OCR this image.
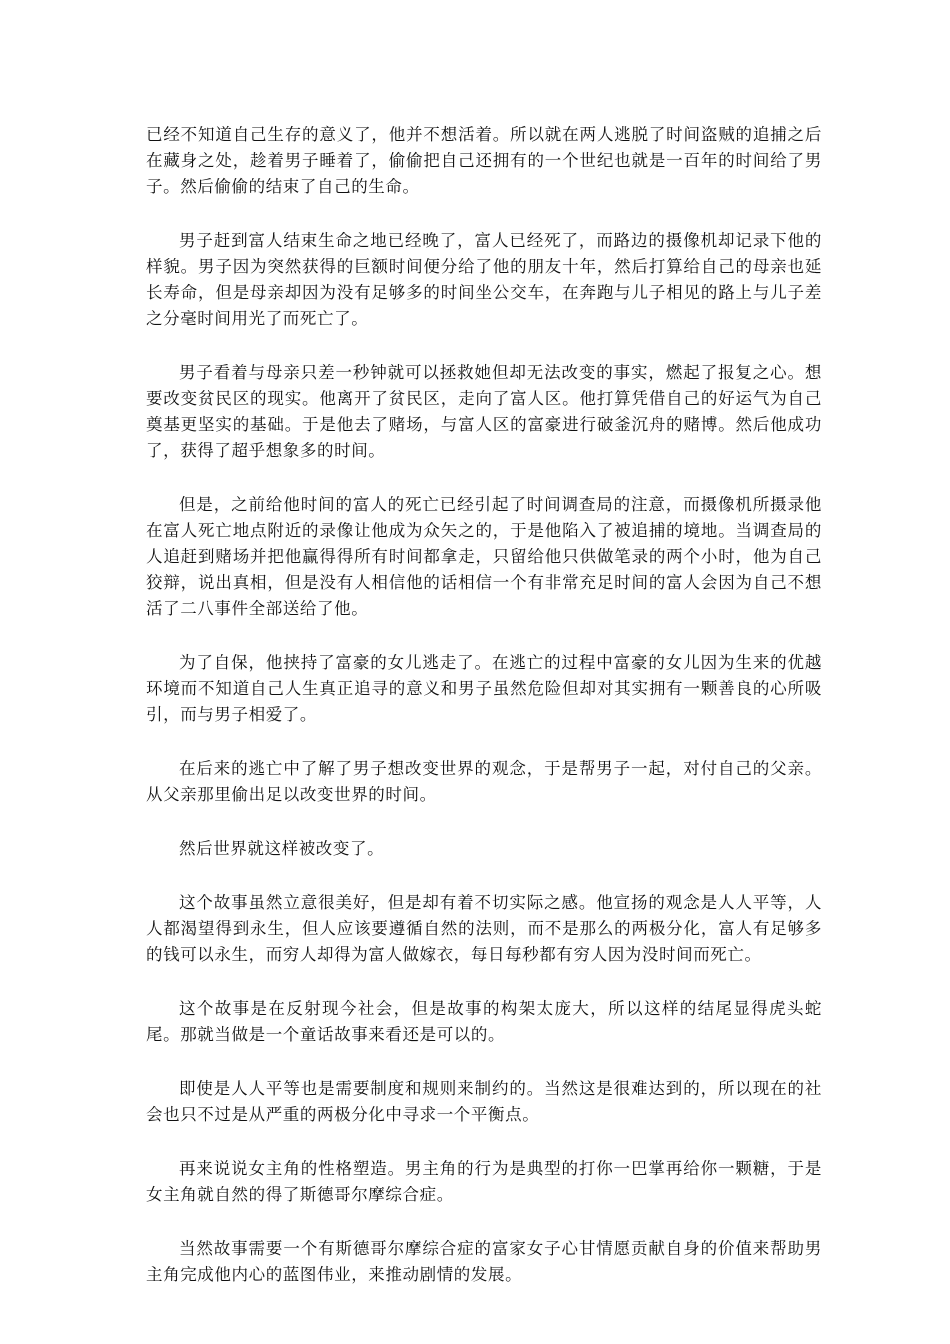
已经不知道自己生存的意义了，他并不想活着。所以就在两人逃脱了时间盗贼的追捕之后在藏身之处，趁着男子睡着了，偷偷把自己还拥有的一个世纪也就是一百年的时间给了男子。然后偷偷的结束了自己的生命。

男子赶到富人结束生命之地已经晚了，富人已经死了，而路边的摄像机却记录下他的样貌。男子因为突然获得的巨额时间便分给了他的朋友十年，然后打算给自己的母亲也延长寿命，但是母亲却因为没有足够多的时间坐公交车，在奔跑与儿子相见的路上与儿子差之分毫时间用光了而死亡了。

男子看着与母亲只差一秒钟就可以拯救她但却无法改变的事实，燃起了报复之心。想要改变贫民区的现实。他离开了贫民区，走向了富人区。他打算凭借自己的好运气为自己奠基更坚实的基础。于是他去了赌场，与富人区的富豪进行破釜沉舟的赌博。然后他成功了，获得了超乎想象多的时间。

但是，之前给他时间的富人的死亡已经引起了时间调查局的注意，而摄像机所摄录他在富人死亡地点附近的录像让他成为众矢之的，于是他陷入了被追捕的境地。当调查局的人追赶到赌场并把他赢得得所有时间都拿走，只留给他只供做笔录的两个小时，他为自己狡辩，说出真相，但是没有人相信他的话相信一个有非常充足时间的富人会因为自己不想活了二八事件全部送给了他。

为了自保，他挟持了富豪的女儿逃走了。在逃亡的过程中富豪的女儿因为生来的优越环境而不知道自己人生真正追寻的意义和男子虽然危险但却对其实拥有一颗善良的心所吸引，而与男子相爱了。

在后来的逃亡中了解了男子想改变世界的观念，于是帮男子一起，对付自己的父亲。从父亲那里偷出足以改变世界的时间。

然后世界就这样被改变了。

这个故事虽然立意很美好，但是却有着不切实际之感。他宣扬的观念是人人平等，人人都渴望得到永生，但人应该要遵循自然的法则，而不是那么的两极分化，富人有足够多的钱可以永生，而穷人却得为富人做嫁衣，每日每秒都有穷人因为没时间而死亡。

这个故事是在反射现今社会，但是故事的构架太庞大，所以这样的结尾显得虎头蛇尾。那就当做是一个童话故事来看还是可以的。

即使是人人平等也是需要制度和规则来制约的。当然这是很难达到的，所以现在的社会也只不过是从严重的两极分化中寻求一个平衡点。

再来说说女主角的性格塑造。男主角的行为是典型的打你一巴掌再给你一颗糖，于是女主角就自然的得了斯德哥尔摩综合症。

当然故事需要一个有斯德哥尔摩综合症的富家女子心甘情愿贡献自身的价值来帮助男主角完成他内心的蓝图伟业，来推动剧情的发展。
